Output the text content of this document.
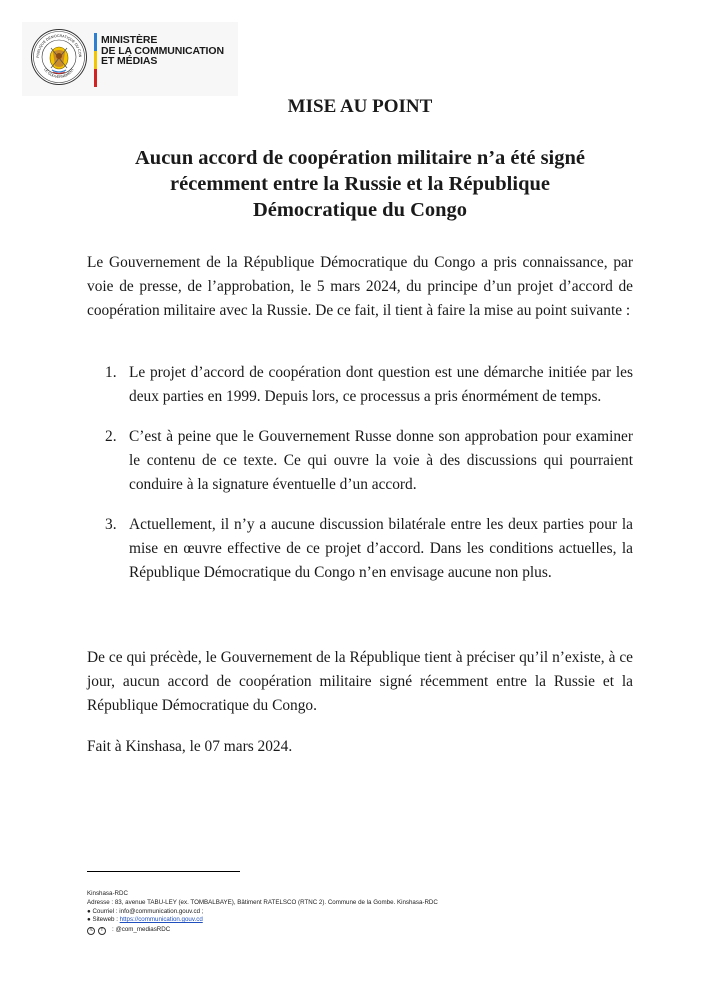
PUBLIQUE DÉMOCRATIQUE DU CON
LE GOUVERNEMENT
MINISTÈRE
DE LA COMMUNICATION
ET MÉDIAS
MISE AU POINT
Aucun accord de coopération militaire n’a été signé
récemment entre la Russie et la République
Démocratique du Congo
Le Gouvernement de la République Démocratique du Congo a pris connaissance, par voie de presse, de l’approbation, le 5 mars 2024, du principe d’un projet d’accord de coopération militaire avec la Russie. De ce fait, il tient à faire la mise au point suivante :
1. Le projet d’accord de coopération dont question est une démarche initiée par les deux parties en 1999. Depuis lors, ce processus a pris énormément de temps.
2. C’est à peine que le Gouvernement Russe donne son approbation pour examiner le contenu de ce texte. Ce qui ouvre la voie à des discussions qui pourraient conduire à la signature éventuelle d’un accord.
3. Actuellement, il n’y a aucune discussion bilatérale entre les deux parties pour la mise en œuvre effective de ce projet d’accord. Dans les conditions actuelles, la République Démocratique du Congo n’en envisage aucune non plus.
De ce qui précède, le Gouvernement de la République tient à préciser qu’il n’existe, à ce jour, aucun accord de coopération militaire signé récemment entre la Russie et la République Démocratique du Congo.
Fait à Kinshasa, le 07 mars 2024.
Kinshasa-RDC
Adresse : 83, avenue TABU-LEY (ex. TOMBALBAYE), Bâtiment RATELSCO (RTNC 2). Commune de la Gombe. Kinshasa-RDC
● Courriel : info@communication.gouv.cd ;
● Siteweb : https://communication.gouv.cd
𝕏	f	: @com_mediasRDC
